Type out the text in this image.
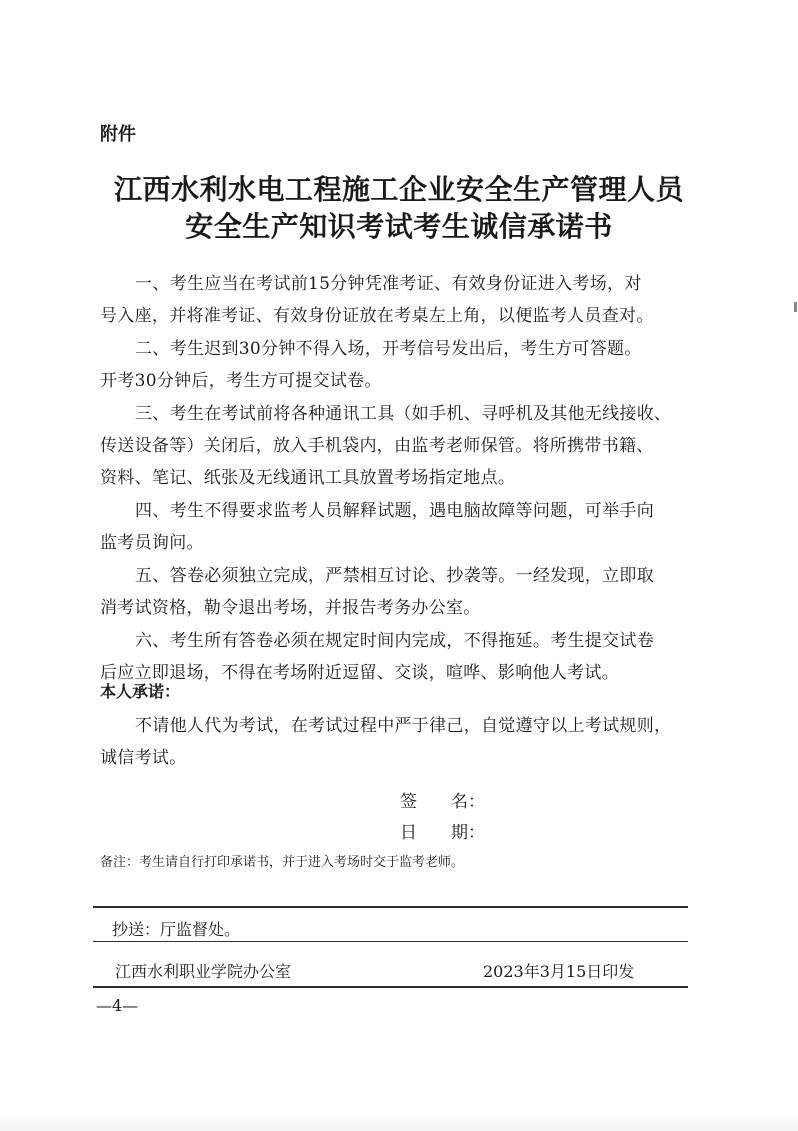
附件
江西水利水电工程施工企业安全生产管理人员
安全生产知识考试考生诚信承诺书
一、考生应当在考试前15分钟凭准考证、有效身份证进入考场，对
号入座，并将准考证、有效身份证放在考桌左上角，以便监考人员查对。
二、考生迟到30分钟不得入场，开考信号发出后，考生方可答题。
开考30分钟后，考生方可提交试卷。
三、考生在考试前将各种通讯工具（如手机、寻呼机及其他无线接收、
传送设备等）关闭后，放入手机袋内，由监考老师保管。将所携带书籍、
资料、笔记、纸张及无线通讯工具放置考场指定地点。
四、考生不得要求监考人员解释试题，遇电脑故障等问题，可举手向
监考员询问。
五、答卷必须独立完成，严禁相互讨论、抄袭等。一经发现，立即取
消考试资格，勒令退出考场，并报告考务办公室。
六、考生所有答卷必须在规定时间内完成，不得拖延。考生提交试卷
后应立即退场，不得在考场附近逗留、交谈，喧哗、影响他人考试。
本人承诺：
不请他人代为考试，在考试过程中严于律己，自觉遵守以上考试规则，
诚信考试。
签　　名：
日　　期：
备注：考生请自行打印承诺书，并于进入考场时交于监考老师。
抄送：厅监督处。
江西水利职业学院办公室	2023年3月15日印发
—4—
